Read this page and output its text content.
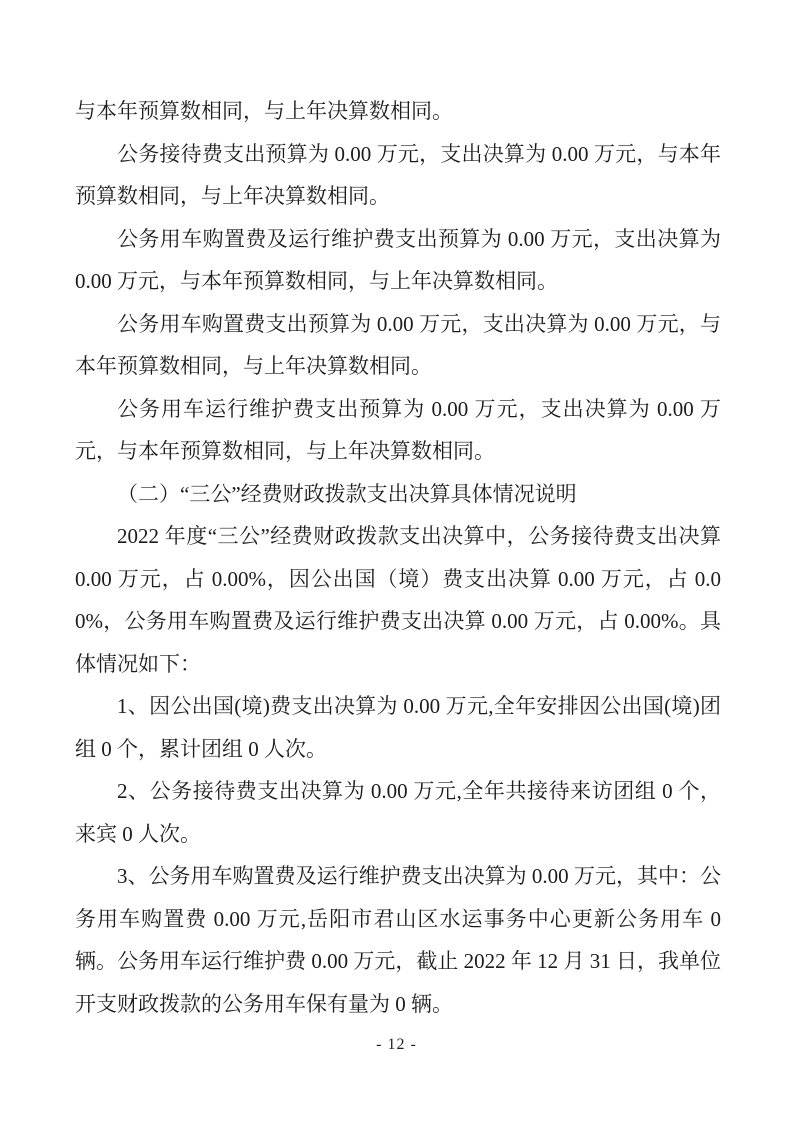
与本年预算数相同，与上年决算数相同。

公务接待费支出预算为 0.00 万元，支出决算为 0.00 万元，与本年预算数相同，与上年决算数相同。

公务用车购置费及运行维护费支出预算为 0.00 万元，支出决算为 0.00 万元，与本年预算数相同，与上年决算数相同。

公务用车购置费支出预算为 0.00 万元，支出决算为 0.00 万元，与本年预算数相同，与上年决算数相同。

公务用车运行维护费支出预算为 0.00 万元，支出决算为 0.00 万元，与本年预算数相同，与上年决算数相同。

（二）“三公”经费财政拨款支出决算具体情况说明

2022 年度“三公”经费财政拨款支出决算中，公务接待费支出决算 0.00 万元，占 0.00%，因公出国（境）费支出决算 0.00 万元，占 0.00%，公务用车购置费及运行维护费支出决算 0.00 万元，占 0.00%。具体情况如下：

1、因公出国(境)费支出决算为 0.00 万元,全年安排因公出国(境)团组 0 个，累计团组 0 人次。

2、公务接待费支出决算为 0.00 万元,全年共接待来访团组 0 个，来宾 0 人次。

3、公务用车购置费及运行维护费支出决算为 0.00 万元，其中：公务用车购置费 0.00 万元,岳阳市君山区水运事务中心更新公务用车 0 辆。公务用车运行维护费 0.00 万元，截止 2022 年 12 月 31 日，我单位开支财政拨款的公务用车保有量为 0 辆。

- 12 -
